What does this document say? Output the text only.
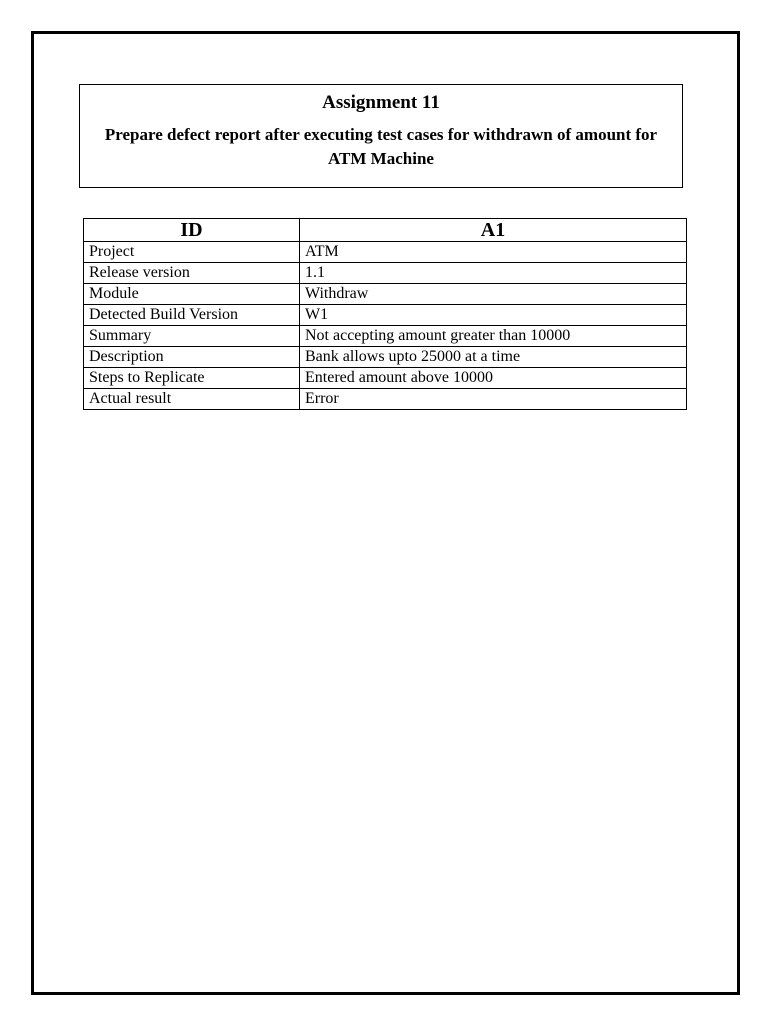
Assignment 11

Prepare defect report after executing test cases for withdrawn of amount for ATM Machine

ID	A1
Project	ATM
Release version	1.1
Module	Withdraw
Detected Build Version	W1
Summary	Not accepting amount greater than 10000
Description	Bank allows upto 25000 at a time
Steps to Replicate	Entered amount above 10000
Actual result	Error
